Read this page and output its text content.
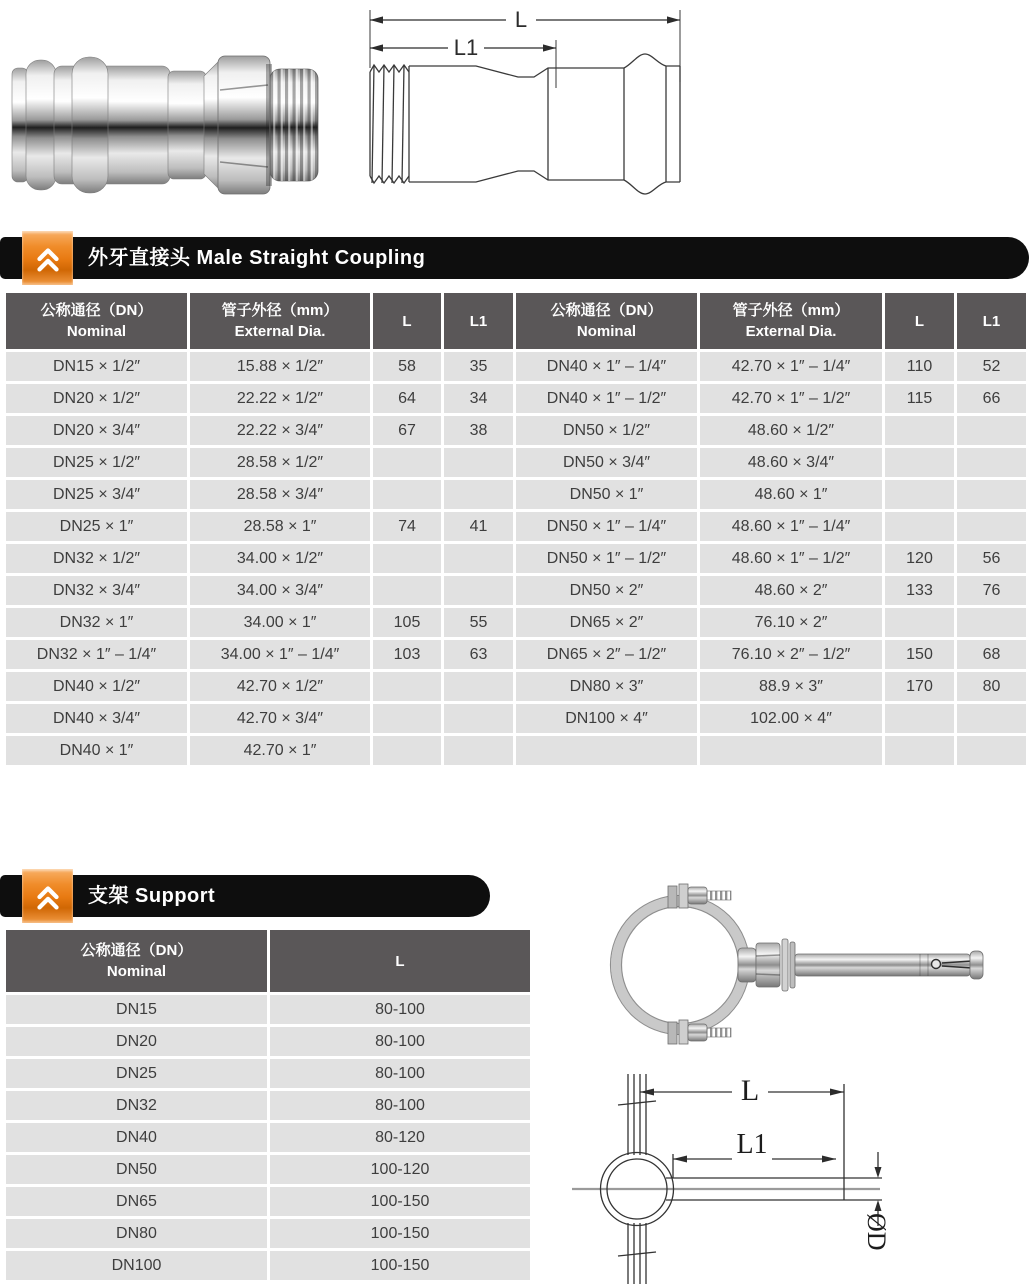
L
L1
外牙直接头 Male Straight Coupling
公称通径（DN）
Nominal

管子外径（mm）
External Dia.
	L	L1	
公称通径（DN）
Nominal

管子外径（mm）
External Dia.
	L	L1
DN15 × 1/2″	15.88 × 1/2″	58	35	DN40 × 1″ – 1/4″	42.70 × 1″ – 1/4″	110	52
DN20 × 1/2″	22.22 × 1/2″	64	34	DN40 × 1″ – 1/2″	42.70 × 1″ – 1/2″	115	66
DN20 × 3/4″	22.22 × 3/4″	67	38	DN50 × 1/2″	48.60 × 1/2″		
DN25 × 1/2″	28.58 × 1/2″			DN50 × 3/4″	48.60 × 3/4″		
DN25 × 3/4″	28.58 × 3/4″			DN50 × 1″	48.60 × 1″		
DN25 × 1″	28.58 × 1″	74	41	DN50 × 1″ – 1/4″	48.60 × 1″ – 1/4″		
DN32 × 1/2″	34.00 × 1/2″			DN50 × 1″ – 1/2″	48.60 × 1″ – 1/2″	120	56
DN32 × 3/4″	34.00 × 3/4″			DN50 × 2″	48.60 × 2″	133	76
DN32 × 1″	34.00 × 1″	105	55	DN65 × 2″	76.10 × 2″		
DN32 × 1″ – 1/4″	34.00 × 1″ – 1/4″	103	63	DN65 × 2″ – 1/2″	76.10 × 2″ – 1/2″	150	68
DN40 × 1/2″	42.70 × 1/2″			DN80 × 3″	88.9 × 3″	170	80
DN40 × 3/4″	42.70 × 3/4″			DN100 × 4″	102.00 × 4″		
DN40 × 1″	42.70 × 1″						
支架 Support
公称通径（DN）
Nominal	L
DN15	80-100
DN20	80-100
DN25	80-100
DN32	80-100
DN40	80-120
DN50	100-120
DN65	100-150
DN80	100-150
DN100	100-150
L
L1
ØD
